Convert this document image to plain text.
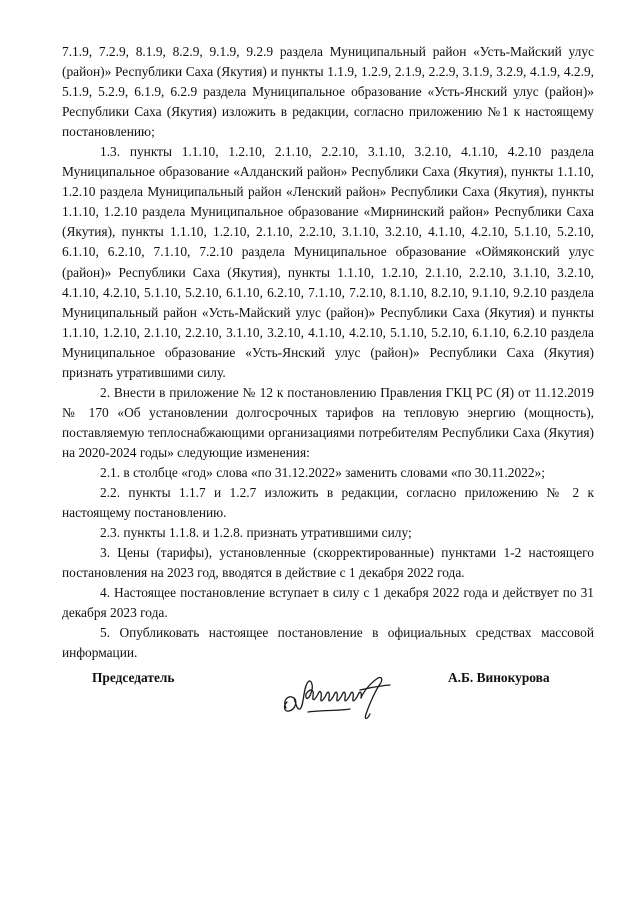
7.1.9, 7.2.9, 8.1.9, 8.2.9, 9.1.9, 9.2.9 раздела Муниципальный район «Усть-Майский улус (район)» Республики Саха (Якутия) и пункты 1.1.9, 1.2.9, 2.1.9, 2.2.9, 3.1.9, 3.2.9, 4.1.9, 4.2.9, 5.1.9, 5.2.9, 6.1.9, 6.2.9 раздела Муниципальное образование «Усть-Янский улус (район)» Республики Саха (Якутия) изложить в редакции, согласно приложению №1 к настоящему постановлению;

1.3. пункты 1.1.10, 1.2.10, 2.1.10, 2.2.10, 3.1.10, 3.2.10, 4.1.10, 4.2.10 раздела Муниципальное образование «Алданский район» Республики Саха (Якутия), пункты 1.1.10, 1.2.10 раздела Муниципальный район «Ленский район» Республики Саха (Якутия), пункты 1.1.10, 1.2.10 раздела Муниципальное образование «Мирнинский район» Республики Саха (Якутия), пункты 1.1.10, 1.2.10, 2.1.10, 2.2.10, 3.1.10, 3.2.10, 4.1.10, 4.2.10, 5.1.10, 5.2.10, 6.1.10, 6.2.10, 7.1.10, 7.2.10 раздела Муниципальное образование «Оймяконский улус (район)» Республики Саха (Якутия), пункты 1.1.10, 1.2.10, 2.1.10, 2.2.10, 3.1.10, 3.2.10, 4.1.10, 4.2.10, 5.1.10, 5.2.10, 6.1.10, 6.2.10, 7.1.10, 7.2.10, 8.1.10, 8.2.10, 9.1.10, 9.2.10 раздела Муниципальный район «Усть-Майский улус (район)» Республики Саха (Якутия) и пункты 1.1.10, 1.2.10, 2.1.10, 2.2.10, 3.1.10, 3.2.10, 4.1.10, 4.2.10, 5.1.10, 5.2.10, 6.1.10, 6.2.10 раздела Муниципальное образование «Усть-Янский улус (район)» Республики Саха (Якутия) признать утратившими силу.

2. Внести в приложение № 12 к постановлению Правления ГКЦ РС (Я) от 11.12.2019 № 170 «Об установлении долгосрочных тарифов на тепловую энергию (мощность), поставляемую теплоснабжающими организациями потребителям Республики Саха (Якутия) на 2020-2024 годы» следующие изменения:

2.1. в столбце «год» слова «по 31.12.2022» заменить словами «по 30.11.2022»;

2.2. пункты 1.1.7 и 1.2.7 изложить в редакции, согласно приложению № 2 к настоящему постановлению.

2.3. пункты 1.1.8. и 1.2.8. признать утратившими силу;

3. Цены (тарифы), установленные (скорректированные) пунктами 1-2 настоящего постановления на 2023 год, вводятся в действие с 1 декабря 2022 года.

4. Настоящее постановление вступает в силу с 1 декабря 2022 года и действует по 31 декабря 2023 года.

5. Опубликовать настоящее постановление в официальных средствах массовой информации.

Председатель	А.Б. Винокурова
